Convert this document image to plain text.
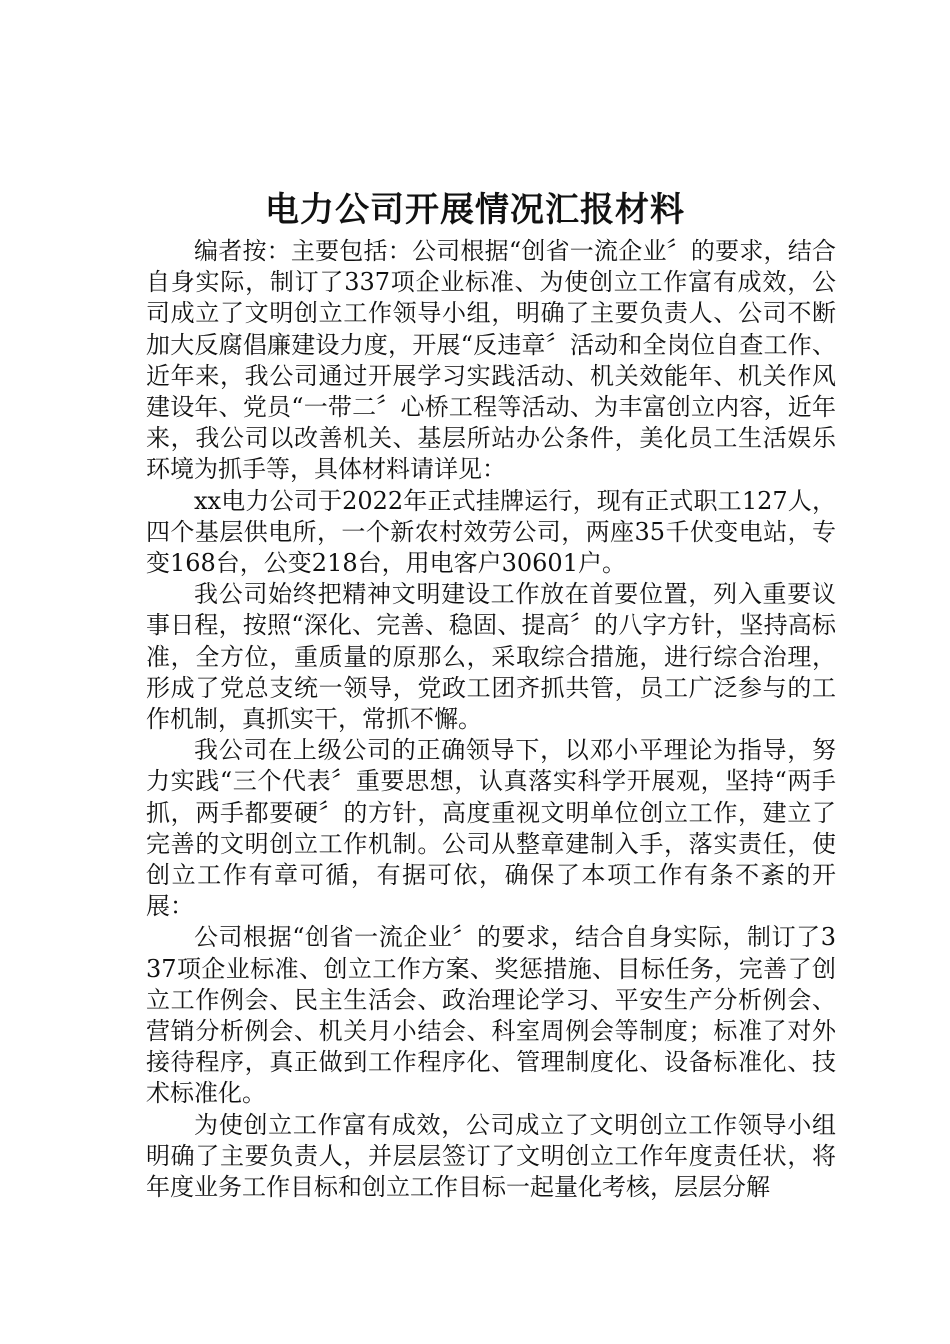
电力公司开展情况汇报材料

编者按：主要包括：公司根据“创省一流企业〞的要求，结合自身实际，制订了337项企业标准、为使创立工作富有成效，公司成立了文明创立工作领导小组，明确了主要负责人、公司不断加大反腐倡廉建设力度，开展“反违章〞活动和全岗位自查工作、近年来，我公司通过开展学习实践活动、机关效能年、机关作风建设年、党员“一带二〞心桥工程等活动、为丰富创立内容，近年来，我公司以改善机关、基层所站办公条件，美化员工生活娱乐环境为抓手等，具体材料请详见：

xx电力公司于2022年正式挂牌运行，现有正式职工127人，四个基层供电所，一个新农村效劳公司，两座35千伏变电站，专变168台，公变218台，用电客户30601户。

我公司始终把精神文明建设工作放在首要位置，列入重要议事日程，按照“深化、完善、稳固、提高〞的八字方针，坚持高标准，全方位，重质量的原那么，采取综合措施，进行综合治理，形成了党总支统一领导，党政工团齐抓共管，员工广泛参与的工作机制，真抓实干，常抓不懈。

我公司在上级公司的正确领导下，以邓小平理论为指导，努力实践“三个代表〞重要思想，认真落实科学开展观，坚持“两手抓，两手都要硬〞的方针，高度重视文明单位创立工作，建立了完善的文明创立工作机制。公司从整章建制入手，落实责任，使创立工作有章可循，有据可依，确保了本项工作有条不紊的开展：

公司根据“创省一流企业〞的要求，结合自身实际，制订了337项企业标准、创立工作方案、奖惩措施、目标任务，完善了创立工作例会、民主生活会、政治理论学习、平安生产分析例会、营销分析例会、机关月小结会、科室周例会等制度；标准了对外接待程序，真正做到工作程序化、管理制度化、设备标准化、技术标准化。

为使创立工作富有成效，公司成立了文明创立工作领导小组明确了主要负责人，并层层签订了文明创立工作年度责任状，将年度业务工作目标和创立工作目标一起量化考核，层层分解
